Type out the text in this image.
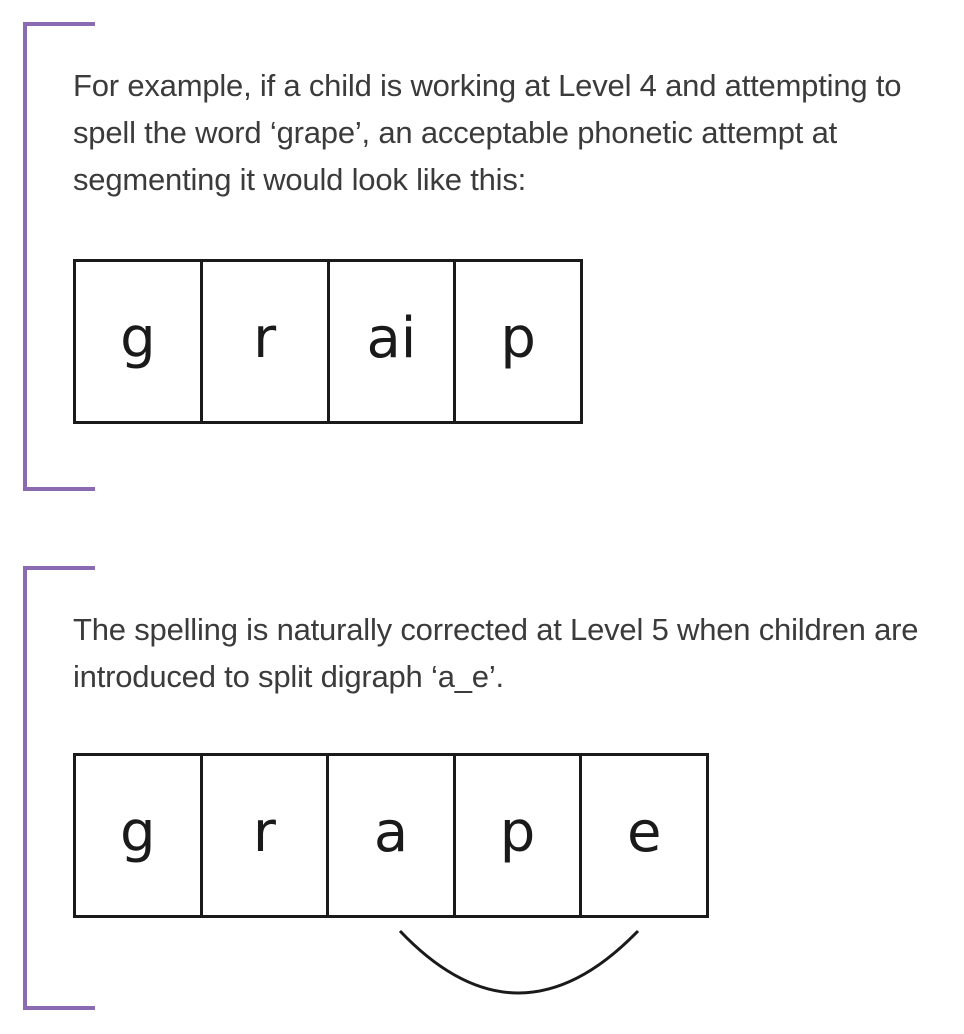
For example, if a child is working at Level 4 and attempting to spell the word ‘grape’, an acceptable phonetic attempt at segmenting it would look like this:

g	r	ai	p

The spelling is naturally corrected at Level 5 when children are introduced to split digraph ‘a_e’.

g	r	a	p	e
